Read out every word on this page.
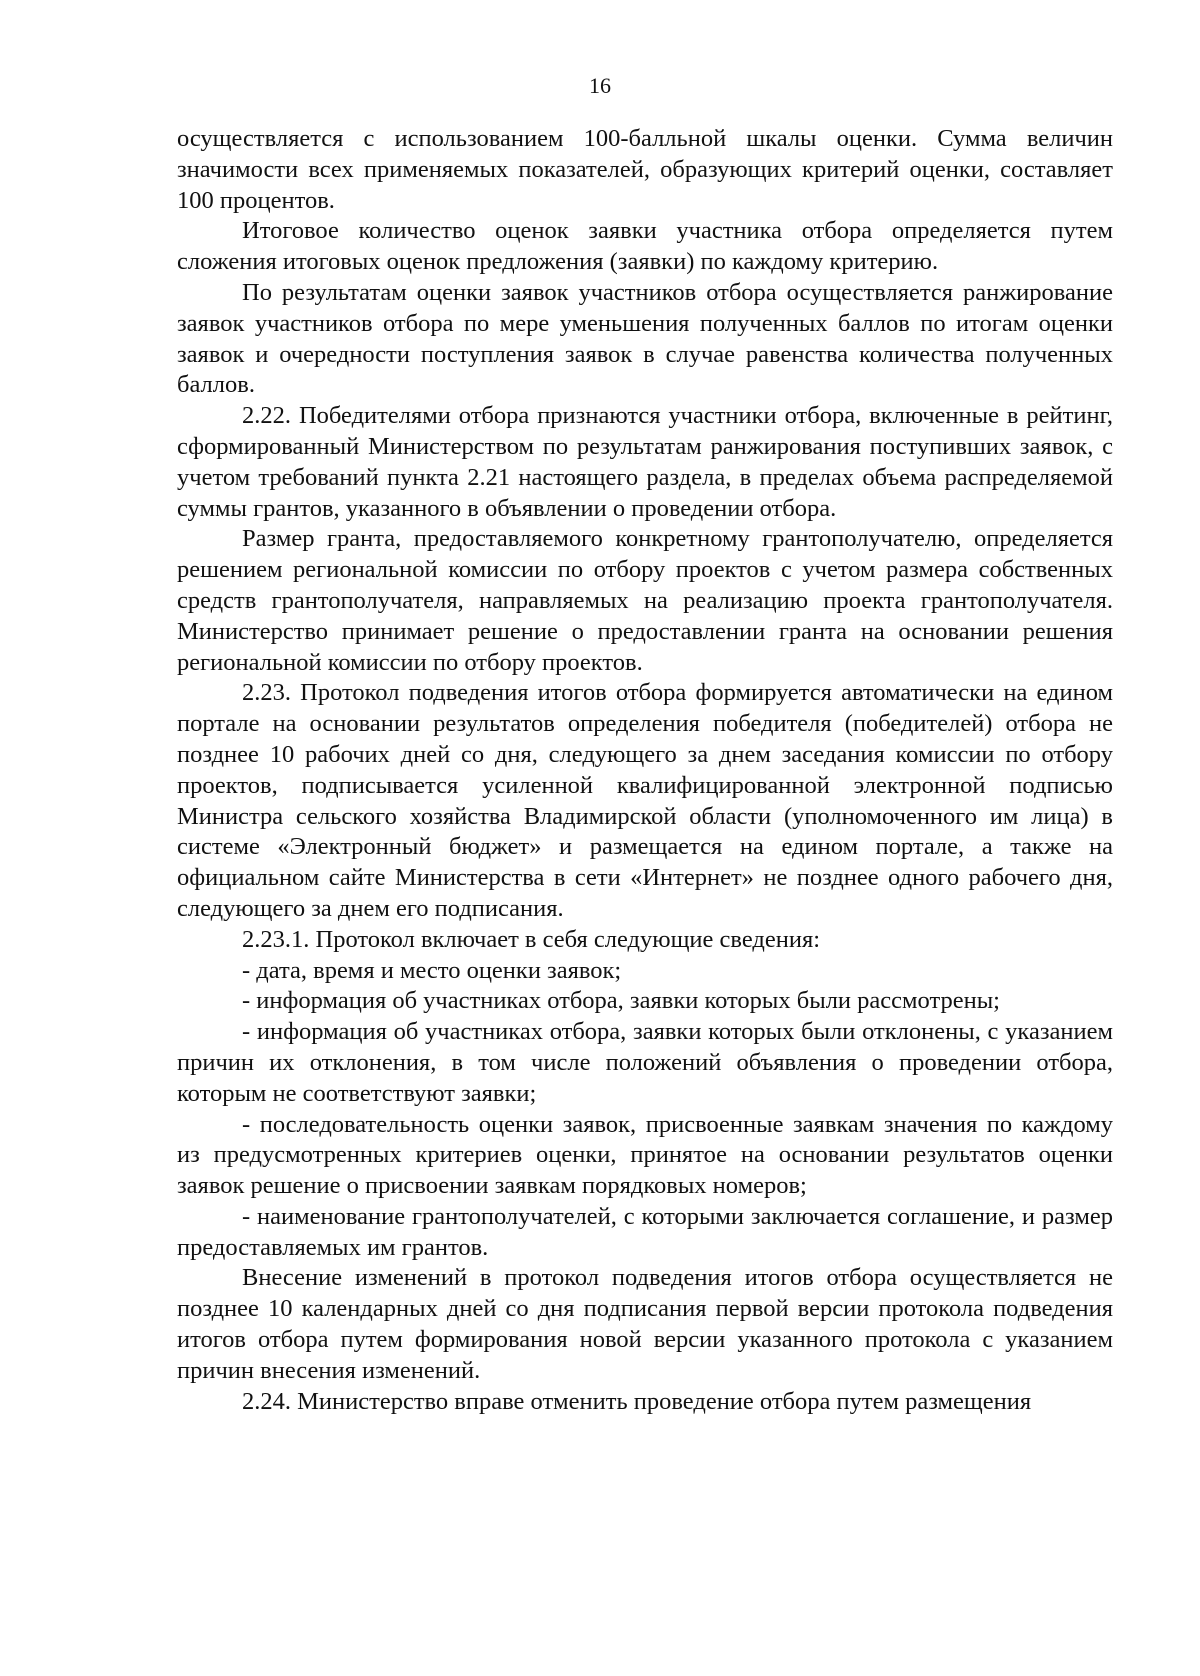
16

осуществляется с использованием 100-балльной шкалы оценки. Сумма величин значимости всех применяемых показателей, образующих критерий оценки, составляет 100 процентов.

Итоговое количество оценок заявки участника отбора определяется путем сложения итоговых оценок предложения (заявки) по каждому критерию.

По результатам оценки заявок участников отбора осуществляется ранжирование заявок участников отбора по мере уменьшения полученных баллов по итогам оценки заявок и очередности поступления заявок в случае равенства количества полученных баллов.

2.22. Победителями отбора признаются участники отбора, включенные в рейтинг, сформированный Министерством по результатам ранжирования поступивших заявок, с учетом требований пункта 2.21 настоящего раздела, в пределах объема распределяемой суммы грантов, указанного в объявлении о проведении отбора.

Размер гранта, предоставляемого конкретному грантополучателю, определяется решением региональной комиссии по отбору проектов с учетом размера собственных средств грантополучателя, направляемых на реализацию проекта грантополучателя. Министерство принимает решение о предоставлении гранта на основании решения региональной комиссии по отбору проектов.

2.23. Протокол подведения итогов отбора формируется автоматически на едином портале на основании результатов определения победителя (победителей) отбора не позднее 10 рабочих дней со дня, следующего за днем заседания комиссии по отбору проектов, подписывается усиленной квалифицированной электронной подписью Министра сельского хозяйства Владимирской области (уполномоченного им лица) в системе «Электронный бюджет» и размещается на едином портале, а также на официальном сайте Министерства в сети «Интернет» не позднее одного рабочего дня, следующего за днем его подписания.

2.23.1. Протокол включает в себя следующие сведения:

- дата, время и место оценки заявок;

- информация об участниках отбора, заявки которых были рассмотрены;

- информация об участниках отбора, заявки которых были отклонены, с указанием причин их отклонения, в том числе положений объявления о проведении отбора, которым не соответствуют заявки;

- последовательность оценки заявок, присвоенные заявкам значения по каждому из предусмотренных критериев оценки, принятое на основании результатов оценки заявок решение о присвоении заявкам порядковых номеров;

- наименование грантополучателей, с которыми заключается соглашение, и размер предоставляемых им грантов.

Внесение изменений в протокол подведения итогов отбора осуществляется не позднее 10 календарных дней со дня подписания первой версии протокола подведения итогов отбора путем формирования новой версии указанного протокола с указанием причин внесения изменений.

2.24. Министерство вправе отменить проведение отбора путем размещения
